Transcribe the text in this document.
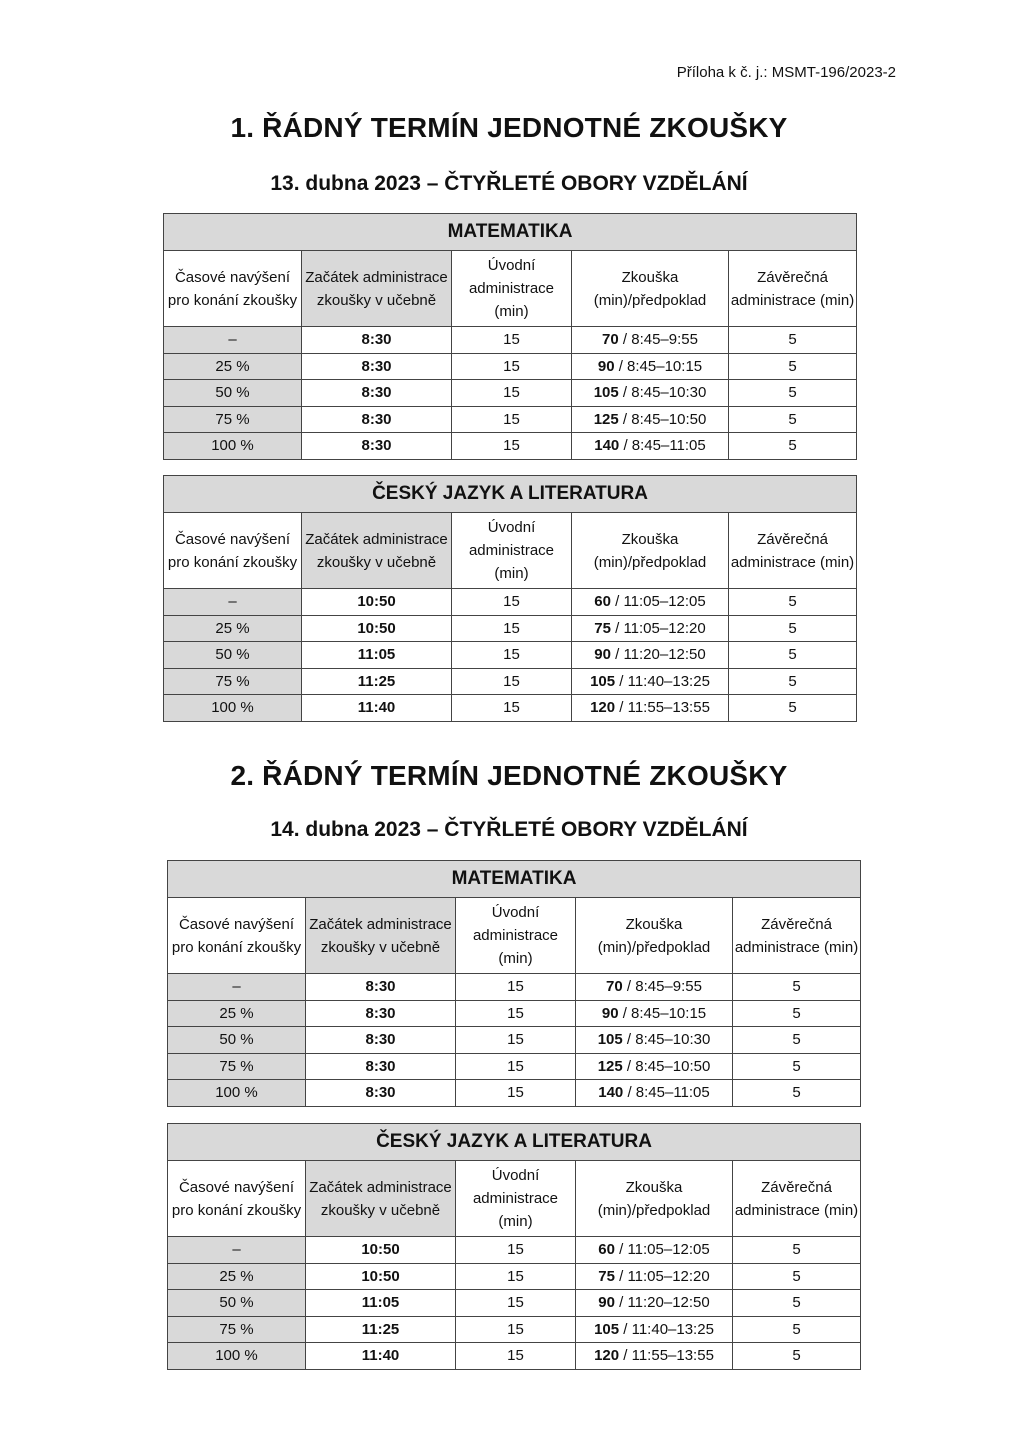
Příloha k č. j.: MSMT-196/2023-2
1. ŘÁDNÝ TERMÍN JEDNOTNÉ ZKOUŠKY
13. dubna 2023 – ČTYŘLETÉ OBORY VZDĚLÁNÍ
MATEMATIKA				
Časové navýšení pro konání zkoušky	Začátek administrace zkoušky v učebně	Úvodní administrace (min)	Zkouška (min)/předpoklad	Závěrečná administrace (min)
–	8:30	15	70 / 8:45–9:55	5
25 %	8:30	15	90 / 8:45–10:15	5
50 %	8:30	15	105 / 8:45–10:30	5
75 %	8:30	15	125 / 8:45–10:50	5
100 %	8:30	15	140 / 8:45–11:05	5
ČESKÝ JAZYK A LITERATURA				
Časové navýšení pro konání zkoušky	Začátek administrace zkoušky v učebně	Úvodní administrace (min)	Zkouška (min)/předpoklad	Závěrečná administrace (min)
–	10:50	15	60 / 11:05–12:05	5
25 %	10:50	15	75 / 11:05–12:20	5
50 %	11:05	15	90 / 11:20–12:50	5
75 %	11:25	15	105 / 11:40–13:25	5
100 %	11:40	15	120 / 11:55–13:55	5
2. ŘÁDNÝ TERMÍN JEDNOTNÉ ZKOUŠKY
14. dubna 2023 – ČTYŘLETÉ OBORY VZDĚLÁNÍ
MATEMATIKA				
Časové navýšení pro konání zkoušky	Začátek administrace zkoušky v učebně	Úvodní administrace (min)	Zkouška (min)/předpoklad	Závěrečná administrace (min)
–	8:30	15	70 / 8:45–9:55	5
25 %	8:30	15	90 / 8:45–10:15	5
50 %	8:30	15	105 / 8:45–10:30	5
75 %	8:30	15	125 / 8:45–10:50	5
100 %	8:30	15	140 / 8:45–11:05	5
ČESKÝ JAZYK A LITERATURA				
Časové navýšení pro konání zkoušky	Začátek administrace zkoušky v učebně	Úvodní administrace (min)	Zkouška (min)/předpoklad	Závěrečná administrace (min)
–	10:50	15	60 / 11:05–12:05	5
25 %	10:50	15	75 / 11:05–12:20	5
50 %	11:05	15	90 / 11:20–12:50	5
75 %	11:25	15	105 / 11:40–13:25	5
100 %	11:40	15	120 / 11:55–13:55	5
